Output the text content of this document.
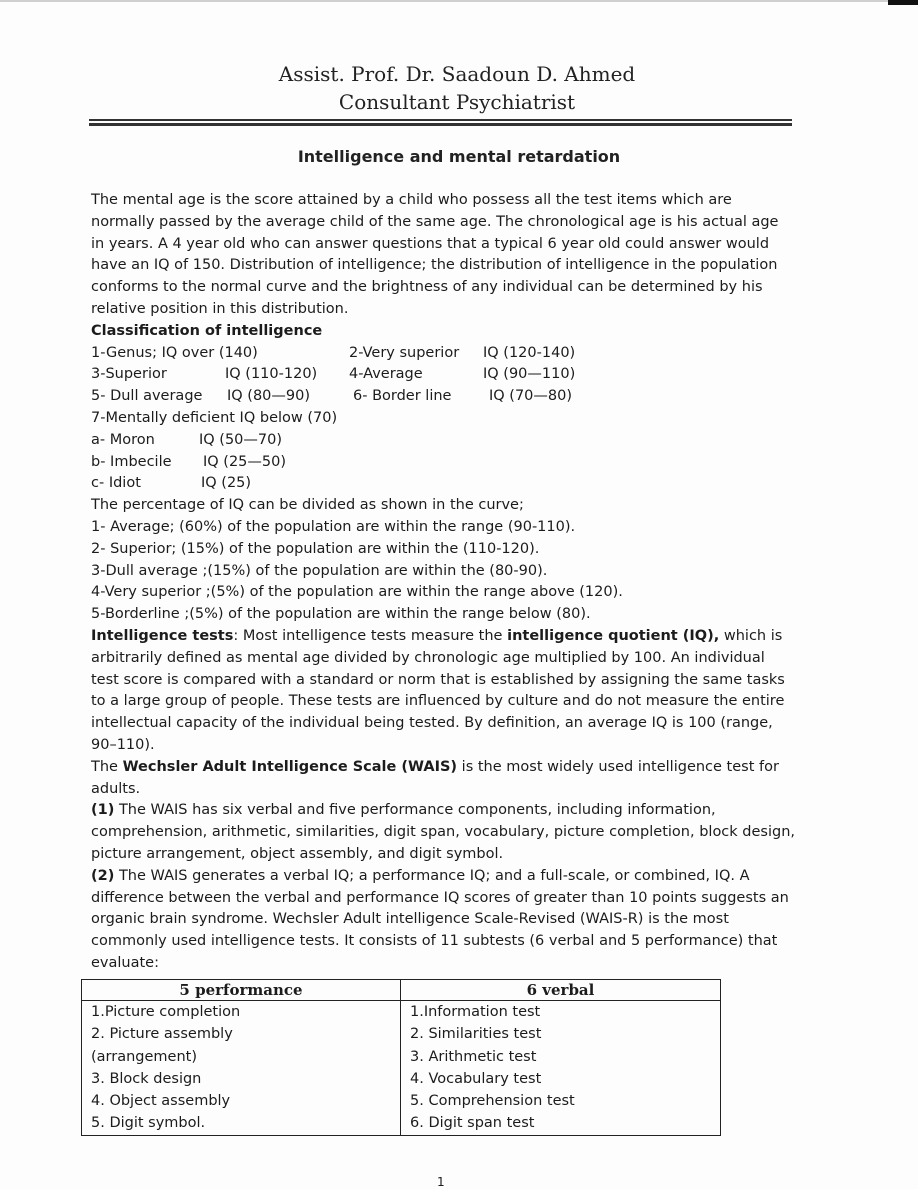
Assist. Prof. Dr. Saadoun D. Ahmed
Consultant Psychiatrist
Intelligence and mental retardation

The mental age is the score attained by a child who possess all the test items which are normally passed by the average child of the same age. The chronological age is his actual age in years. A 4 year old who can answer questions that a typical 6 year old could answer would have an IQ of 150. Distribution of intelligence; the distribution of intelligence in the population conforms to the normal curve and the brightness of any individual can be determined by his relative position in this distribution.

Classification of intelligence
1-Genus; IQ over (140)	2-Very superior IQ (120-140)
3-Superior	IQ (110-120) 4-Average	IQ (90—110)
5- Dull average IQ (80—90)	6- Border line	IQ (70—80)
7-Mentally deficient IQ below (70)
a- Moron	IQ (50—70)
b- Imbecile IQ (25—50)
c- Idiot	IQ (25)
The percentage of IQ can be divided as shown in the curve;
1- Average; (60%) of the population are within the range (90-110).
2- Superior; (15%) of the population are within the (110-120).
3-Dull average ;(15%) of the population are within the (80-90).
4-Very superior ;(5%) of the population are within the range above (120).
5-Borderline ;(5%) of the population are within the range below (80).

Intelligence tests: Most intelligence tests measure the intelligence quotient (IQ), which is arbitrarily defined as mental age divided by chronologic age multiplied by 100. An individual test score is compared with a standard or norm that is established by assigning the same tasks to a large group of people. These tests are influenced by culture and do not measure the entire intellectual capacity of the individual being tested. By definition, an average IQ is 100 (range, 90–110).

The Wechsler Adult Intelligence Scale (WAIS) is the most widely used intelligence test for adults.

(1) The WAIS has six verbal and five performance components, including information, comprehension, arithmetic, similarities, digit span, vocabulary, picture completion, block design, picture arrangement, object assembly, and digit symbol.

(2) The WAIS generates a verbal IQ; a performance IQ; and a full-scale, or combined, IQ. A difference between the verbal and performance IQ scores of greater than 10 points suggests an organic brain syndrome. Wechsler Adult intelligence Scale-Revised (WAIS-R) is the most commonly used intelligence tests. It consists of 11 subtests (6 verbal and 5 performance) that evaluate:

5 performance	6 verbal
1.Picture completion	1.Information test
2. Picture assembly	2. Similarities test
(arrangement)	3. Arithmetic test
3. Block design	4. Vocabulary test
4. Object assembly	5. Comprehension test
5. Digit symbol.	6. Digit span test
1
